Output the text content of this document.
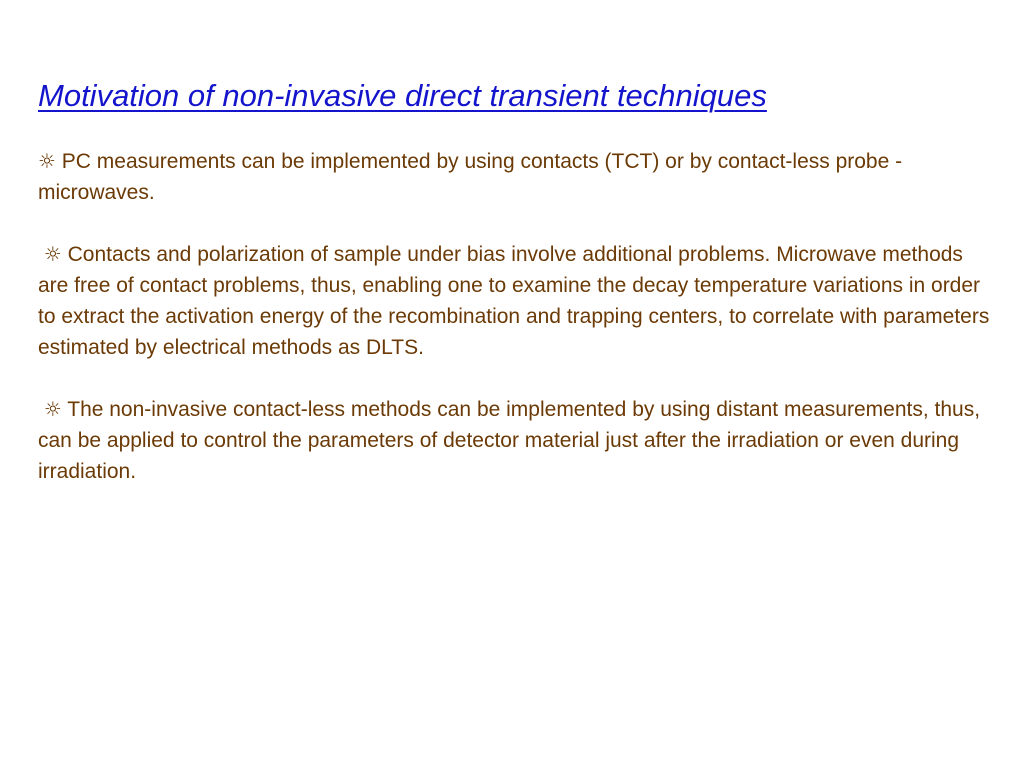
Motivation of non-invasive direct transient techniques

☼ PC measurements can be implemented by using contacts (TCT) or by contact-less probe - microwaves.

☼ Contacts and polarization of sample under bias involve additional problems. Microwave methods are free of contact problems, thus, enabling one to examine the decay temperature variations in order to extract the activation energy of the recombination and trapping centers, to correlate with parameters estimated by electrical methods as DLTS.

☼ The non-invasive contact-less methods can be implemented by using distant measurements, thus, can be applied to control the parameters of detector material just after the irradiation or even during irradiation.
